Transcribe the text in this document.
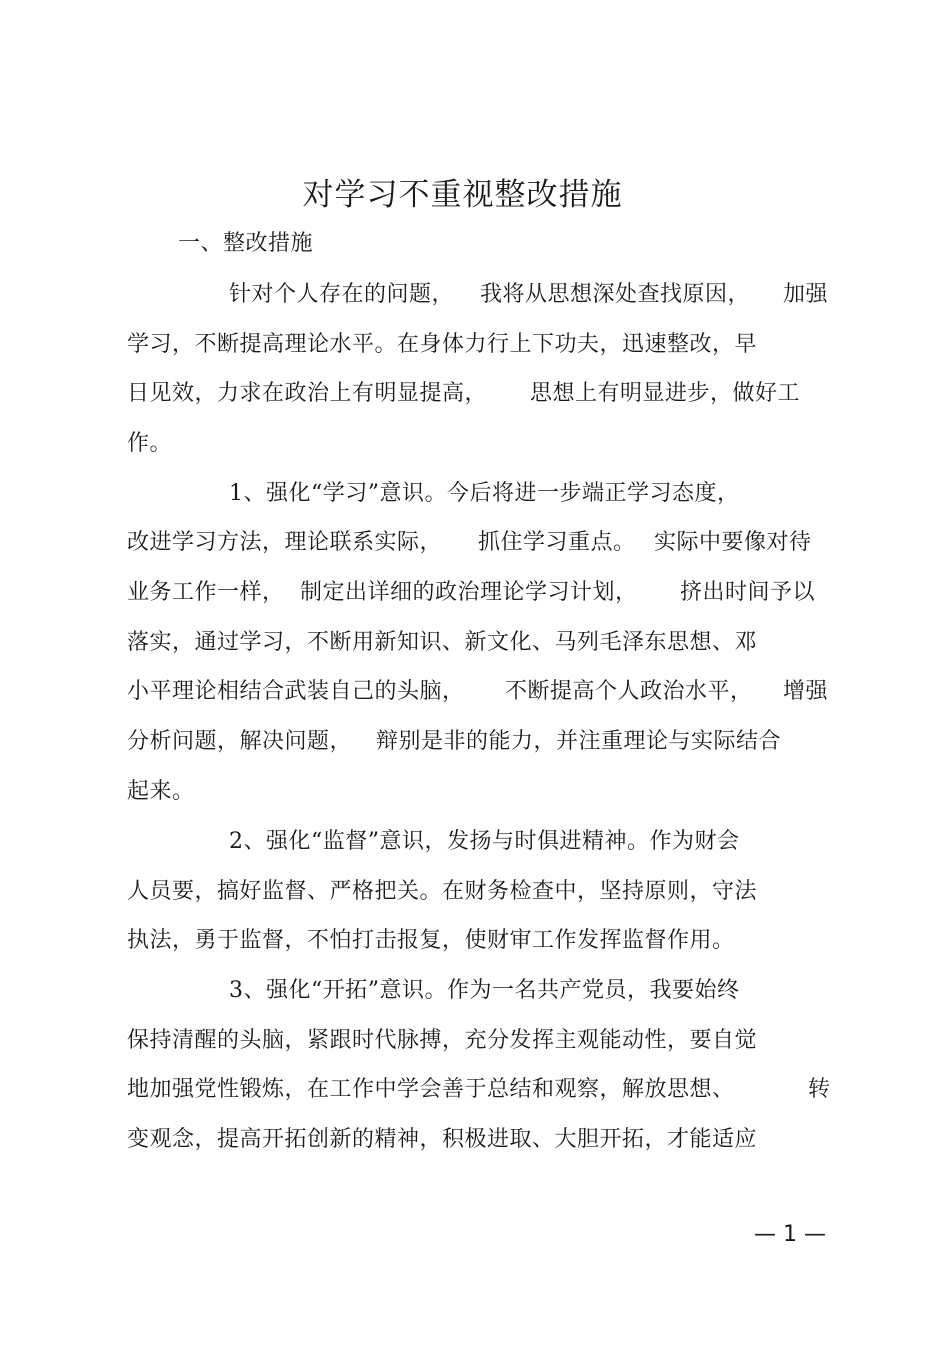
对学习不重视整改措施
一、整改措施
针对个人存在的问题， 我将从思想深处查找原因， 加强
学习，不断提高理论水平。在身体力行上下功夫，迅速整改，早
日见效，力求在政治上有明显提高， 思想上有明显进步，做好工
作。
1、强化“学习”意识。今后将进一步端正学习态度，
改进学习方法，理论联系实际， 抓住学习重点。 实际中要像对待
业务工作一样， 制定出详细的政治理论学习计划， 挤出时间予以
落实，通过学习，不断用新知识、新文化、马列毛泽东思想、邓
小平理论相结合武装自己的头脑， 不断提高个人政治水平， 增强
分析问题，解决问题， 辩别是非的能力，并注重理论与实际结合
起来。
2、强化“监督”意识，发扬与时俱进精神。作为财会
人员要，搞好监督、严格把关。在财务检查中，坚持原则，守法
执法，勇于监督，不怕打击报复，使财审工作发挥监督作用。
3、强化“开拓”意识。作为一名共产党员，我要始终
保持清醒的头脑，紧跟时代脉搏，充分发挥主观能动性，要自觉
地加强党性锻炼，在工作中学会善于总结和观察，解放思想、	转
变观念，提高开拓创新的精神，积极进取、大胆开拓，才能适应
— 1 —
